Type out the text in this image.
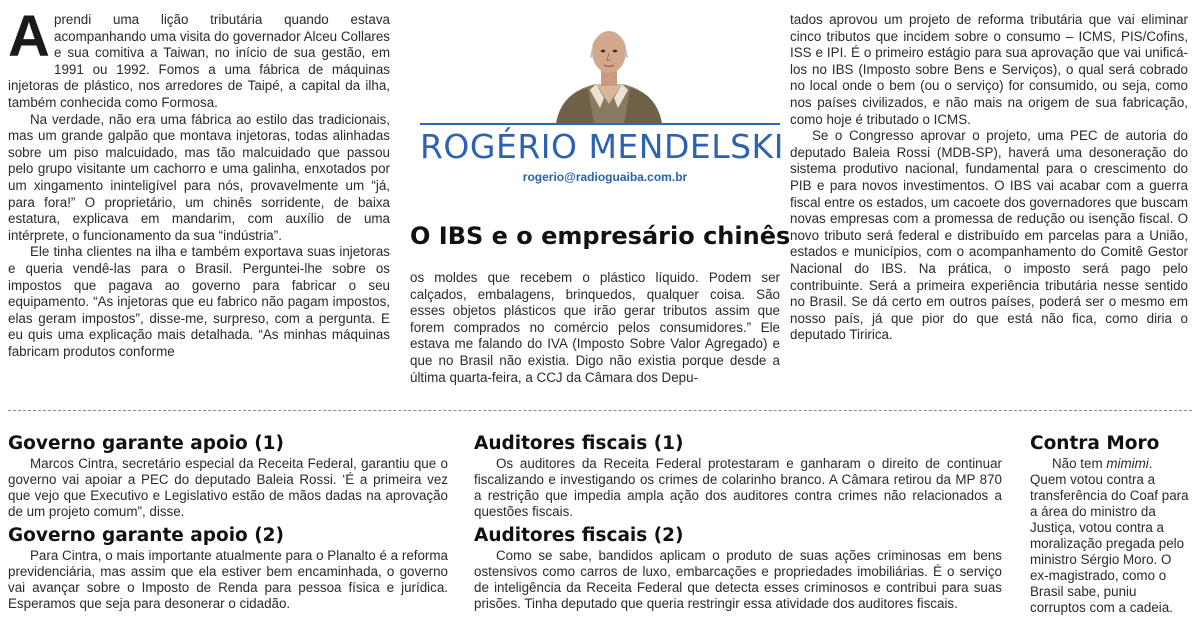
A prendi uma lição tributária quando estava acompanhando uma visita do governador Alceu Collares e sua comitiva a Taiwan, no início de sua gestão, em 1991 ou 1992. Fomos a uma fábrica de máquinas injetoras de plástico, nos arredores de Taipé, a capital da ilha, também conhecida como Formosa.

Na verdade, não era uma fábrica ao estilo das tradicionais, mas um grande galpão que montava injetoras, todas alinhadas sobre um piso malcuidado, mas tão malcuidado que passou pelo grupo visitante um cachorro e uma galinha, enxotados por um xingamento ininteligível para nós, provavelmente um “já, para fora!” O proprietário, um chinês sorridente, de baixa estatura, explicava em mandarim, com auxílio de uma intérprete, o funcionamento da sua “indústria”.

Ele tinha clientes na ilha e também exportava suas injetoras e queria vendê-las para o Brasil. Perguntei-lhe sobre os impostos que pagava ao governo para fabricar o seu equipamento. “As injetoras que eu fabrico não pagam impostos, elas geram impostos”, disse-me, surpreso, com a pergunta. E eu quis uma explicação mais detalhada. “As minhas máquinas fabricam produtos conforme

ROGÉRIO MENDELSKI
rogerio@radioguaiba.com.br
O IBS e o empresário chinês

os moldes que recebem o plástico líquido. Podem ser calçados, embalagens, brinquedos, qualquer coisa. São esses objetos plásticos que irão gerar tributos assim que forem comprados no comércio pelos consumidores.” Ele estava me falando do IVA (Imposto Sobre Valor Agregado) e que no Brasil não existia. Digo não existia porque desde a última quarta-feira, a CCJ da Câmara dos Depu-

tados aprovou um projeto de reforma tributária que vai eliminar cinco tributos que incidem sobre o consumo – ICMS, PIS/Cofins, ISS e IPI. É o primeiro estágio para sua aprovação que vai unificá-los no IBS (Imposto sobre Bens e Serviços), o qual será cobrado no local onde o bem (ou o serviço) for consumido, ou seja, como nos países civilizados, e não mais na origem de sua fabricação, como hoje é tributado o ICMS.

Se o Congresso aprovar o projeto, uma PEC de autoria do deputado Baleia Rossi (MDB-SP), haverá uma desoneração do sistema produtivo nacional, fundamental para o crescimento do PIB e para novos investimentos. O IBS vai acabar com a guerra fiscal entre os estados, um cacoete dos governadores que buscam novas empresas com a promessa de redução ou isenção fiscal. O novo tributo será federal e distribuído em parcelas para a União, estados e municípios, com o acompanhamento do Comitê Gestor Nacional do IBS. Na prática, o imposto será pago pelo contribuinte. Será a primeira experiência tributária nesse sentido no Brasil. Se dá certo em outros países, poderá ser o mesmo em nosso país, já que pior do que está não fica, como diria o deputado Tiririca.

Governo garante apoio (1)

Marcos Cintra, secretário especial da Receita Federal, garantiu que o governo vai apoiar a PEC do deputado Baleia Rossi. ‘É a primeira vez que vejo que Executivo e Legislativo estão de mãos dadas na aprovação de um projeto comum”, disse.

Governo garante apoio (2)

Para Cintra, o mais importante atualmente para o Planalto é a reforma previdenciária, mas assim que ela estiver bem encaminhada, o governo vai avançar sobre o Imposto de Renda para pessoa física e jurídica. Esperamos que seja para desonerar o cidadão.

Auditores fiscais (1)

Os auditores da Receita Federal protestaram e ganharam o direito de continuar fiscalizando e investigando os crimes de colarinho branco. A Câmara retirou da MP 870 a restrição que impedia ampla ação dos auditores contra crimes não relacionados a questões fiscais.

Auditores fiscais (2)

Como se sabe, bandidos aplicam o produto de suas ações criminosas em bens ostensivos como carros de luxo, embarcações e propriedades imobiliárias. É o serviço de inteligência da Receita Federal que detecta esses criminosos e contribui para suas prisões. Tinha deputado que queria restringir essa atividade dos auditores fiscais.

Contra Moro

Não tem mimimi. Quem votou contra a transferência do Coaf para a área do ministro da Justiça, votou contra a moralização pregada pelo ministro Sérgio Moro. O ex-magistrado, como o Brasil sabe, puniu corruptos com a cadeia.
